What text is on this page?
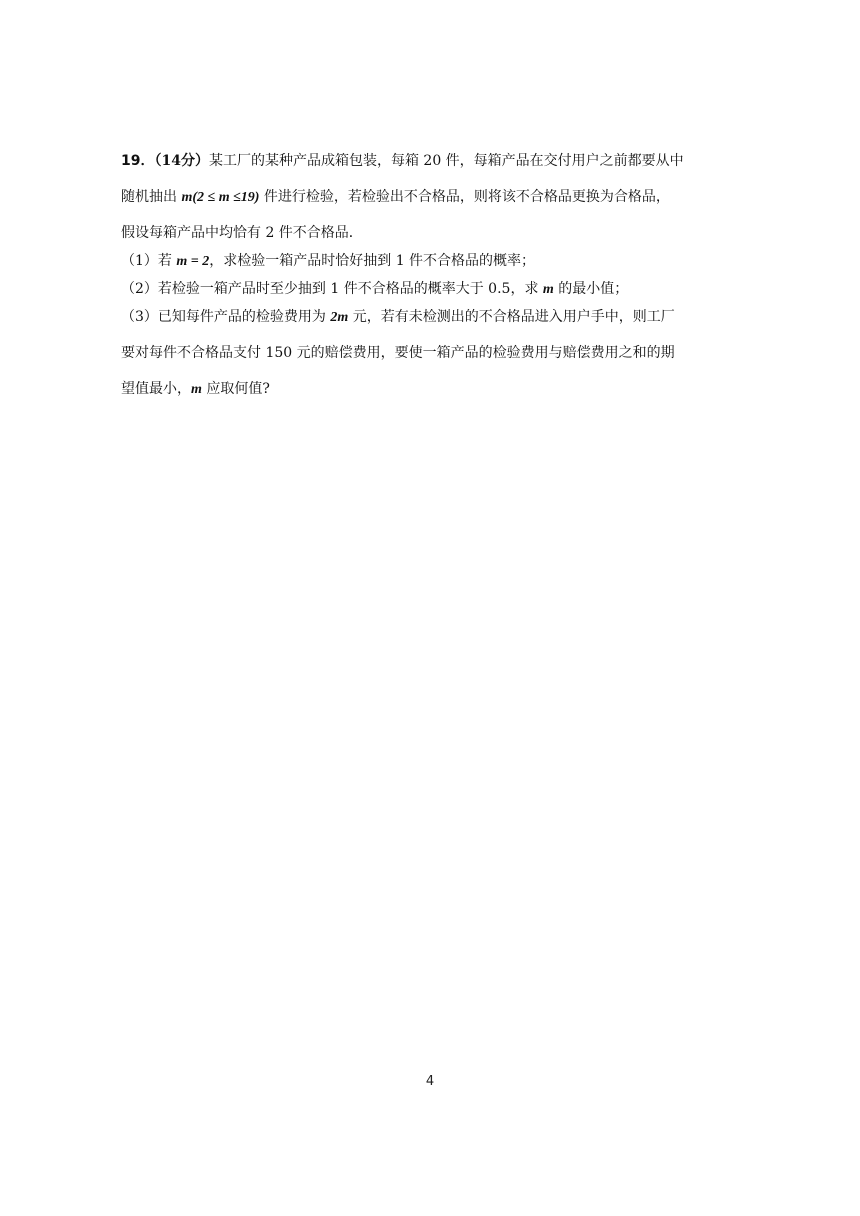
19．（14分）某工厂的某种产品成箱包装，每箱 20 件，每箱产品在交付用户之前都要从中
随机抽出 m(2 ≤ m ≤19) 件进行检验，若检验出不合格品，则将该不合格品更换为合格品，
假设每箱产品中均恰有 2 件不合格品．
（1）若 m = 2，求检验一箱产品时恰好抽到 1 件不合格品的概率；
（2）若检验一箱产品时至少抽到 1 件不合格品的概率大于 0.5，求 m 的最小值；
（3）已知每件产品的检验费用为 2m 元，若有未检测出的不合格品进入用户手中，则工厂
要对每件不合格品支付 150 元的赔偿费用，要使一箱产品的检验费用与赔偿费用之和的期
望值最小，m 应取何值?
4
